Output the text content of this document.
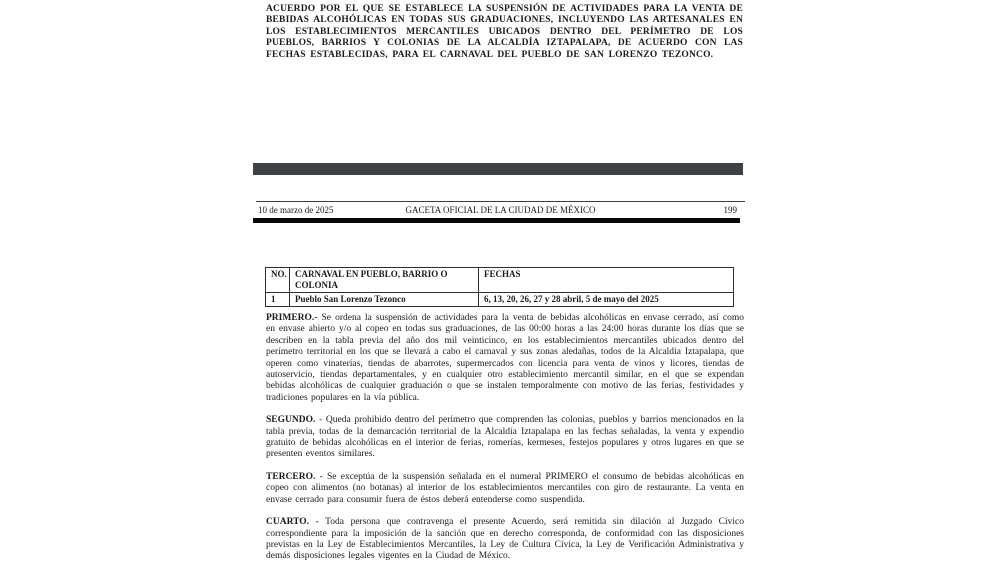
ACUERDO POR EL QUE SE ESTABLECE LA SUSPENSIÓN DE ACTIVIDADES PARA LA VENTA DE BEBIDAS ALCOHÓLICAS EN TODAS SUS GRADUACIONES, INCLUYENDO LAS ARTESANALES EN LOS ESTABLECIMIENTOS MERCANTILES UBICADOS DENTRO DEL PERÍMETRO DE LOS PUEBLOS, BARRIOS Y COLONIAS DE LA ALCALDÍA IZTAPALAPA, DE ACUERDO CON LAS FECHAS ESTABLECIDAS, PARA EL CARNAVAL DEL PUEBLO DE SAN LORENZO TEZONCO.

10 de marzo de 2025	GACETA OFICIAL DE LA CIUDAD DE MÉXICO	199
NO.	CARNAVAL EN PUEBLO, BARRIO O COLONIA	FECHAS
1	Pueblo San Lorenzo Tezonco	6, 13, 20, 26, 27 y 28 abril, 5 de mayo del 2025

PRIMERO.- Se ordena la suspensión de actividades para la venta de bebidas alcohólicas en envase cerrado, así como en envase abierto y/o al copeo en todas sus graduaciones, de las 00:00 horas a las 24:00 horas durante los días que se describen en la tabla previa del año dos mil veinticinco, en los establecimientos mercantiles ubicados dentro del perímetro territorial en los que se llevará a cabo el carnaval y sus zonas aledañas, todos de la Alcaldía Iztapalapa, que operen como vinaterías, tiendas de abarrotes, supermercados con licencia para venta de vinos y licores, tiendas de autoservicio, tiendas departamentales, y en cualquier otro establecimiento mercantil similar, en el que se expendan bebidas alcohólicas de cualquier graduación o que se instalen temporalmente con motivo de las ferias, festividades y tradiciones populares en la vía pública.

SEGUNDO. - Queda prohibido dentro del perímetro que comprenden las colonias, pueblos y barrios mencionados en la tabla previa, todas de la demarcación territorial de la Alcaldía Iztapalapa en las fechas señaladas, la venta y expendio gratuito de bebidas alcohólicas en el interior de ferias, romerías, kermeses, festejos populares y otros lugares en que se presenten eventos similares.

TERCERO. - Se exceptúa de la suspensión señalada en el numeral PRIMERO el consumo de bebidas alcohólicas en copeo con alimentos (no botanas) al interior de los establecimientos mercantiles con giro de restaurante. La venta en envase cerrado para consumir fuera de éstos deberá entenderse como suspendida.

CUARTO. - Toda persona que contravenga el presente Acuerdo, será remitida sin dilación al Juzgado Cívico correspondiente para la imposición de la sanción que en derecho corresponda, de conformidad con las disposiciones previstas en la Ley de Establecimientos Mercantiles, la Ley de Cultura Cívica, la Ley de Verificación Administrativa y demás disposiciones legales vigentes en la Ciudad de México.
